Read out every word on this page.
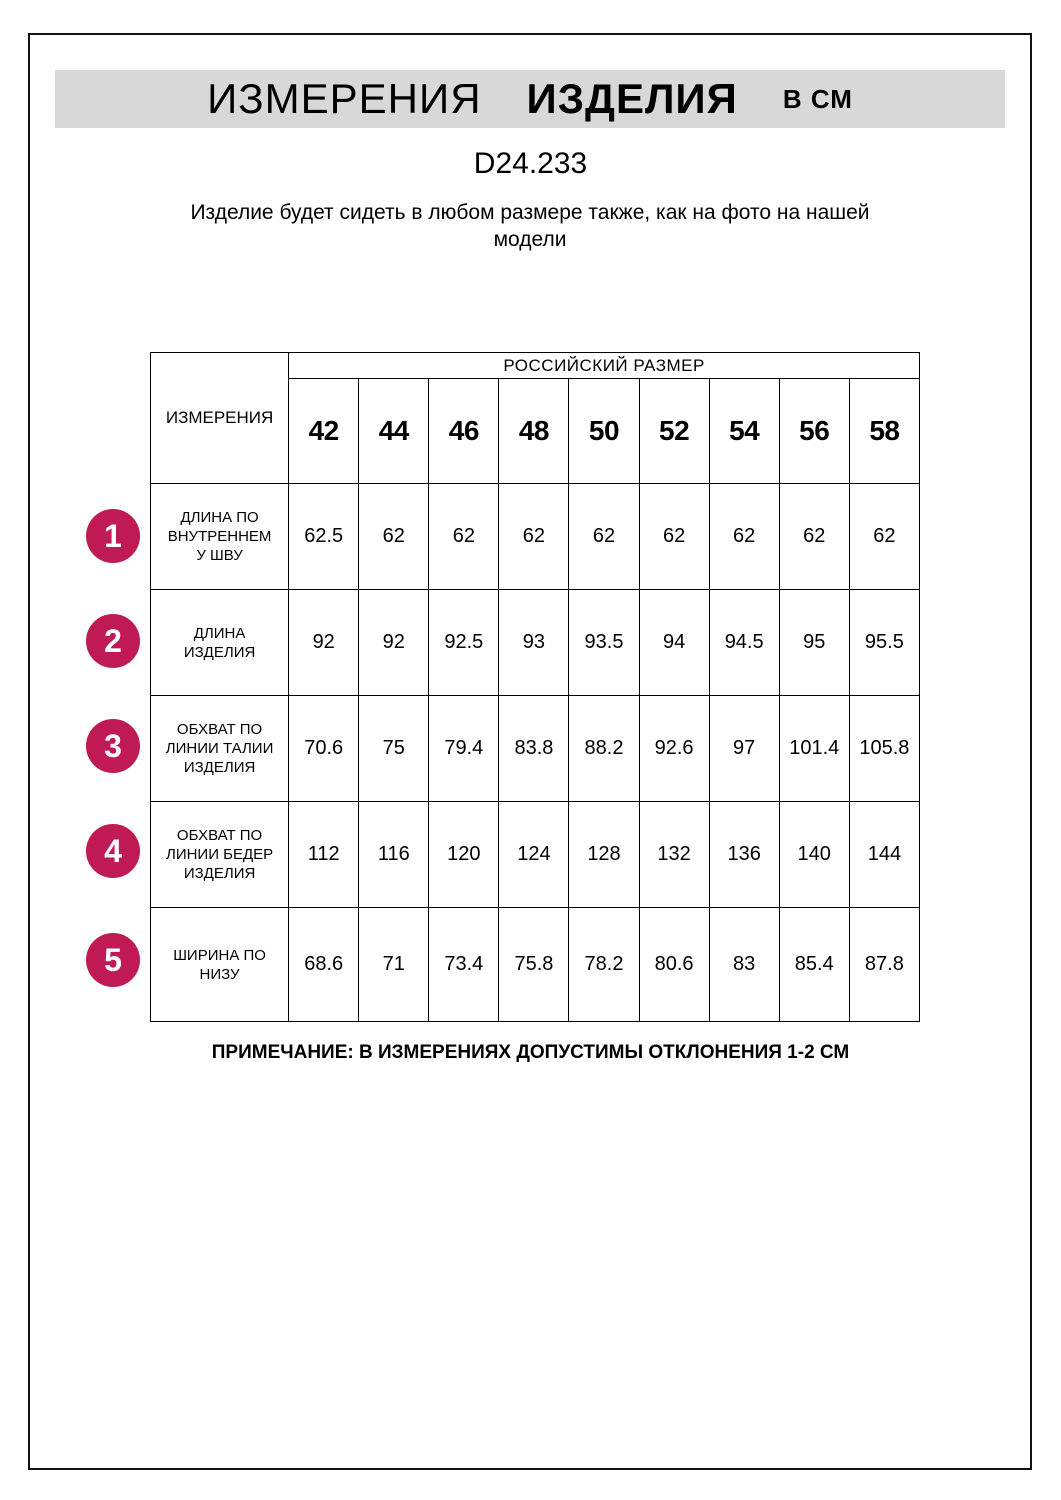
ИЗМЕРЕНИЯ ИЗДЕЛИЯ В СМ
D24.233
Изделие будет сидеть в любом размере также, как на фото на нашей модели
1
2
3
4
5
ИЗМЕРЕНИЯ	РОССИЙСКИЙ РАЗМЕР								
	42	44	46	48	50	52	54	56	58
ДЛИНА ПО ВНУТРЕННЕМУ ШВУ	62.5	62	62	62	62	62	62	62	62
ДЛИНА ИЗДЕЛИЯ	92	92	92.5	93	93.5	94	94.5	95	95.5
ОБХВАТ ПО ЛИНИИ ТАЛИИ ИЗДЕЛИЯ	70.6	75	79.4	83.8	88.2	92.6	97	101.4	105.8
ОБХВАТ ПО ЛИНИИ БЕДЕР ИЗДЕЛИЯ	112	116	120	124	128	132	136	140	144
ШИРИНА ПО НИЗУ	68.6	71	73.4	75.8	78.2	80.6	83	85.4	87.8
ПРИМЕЧАНИЕ: В ИЗМЕРЕНИЯХ ДОПУСТИМЫ ОТКЛОНЕНИЯ 1-2 СМ
